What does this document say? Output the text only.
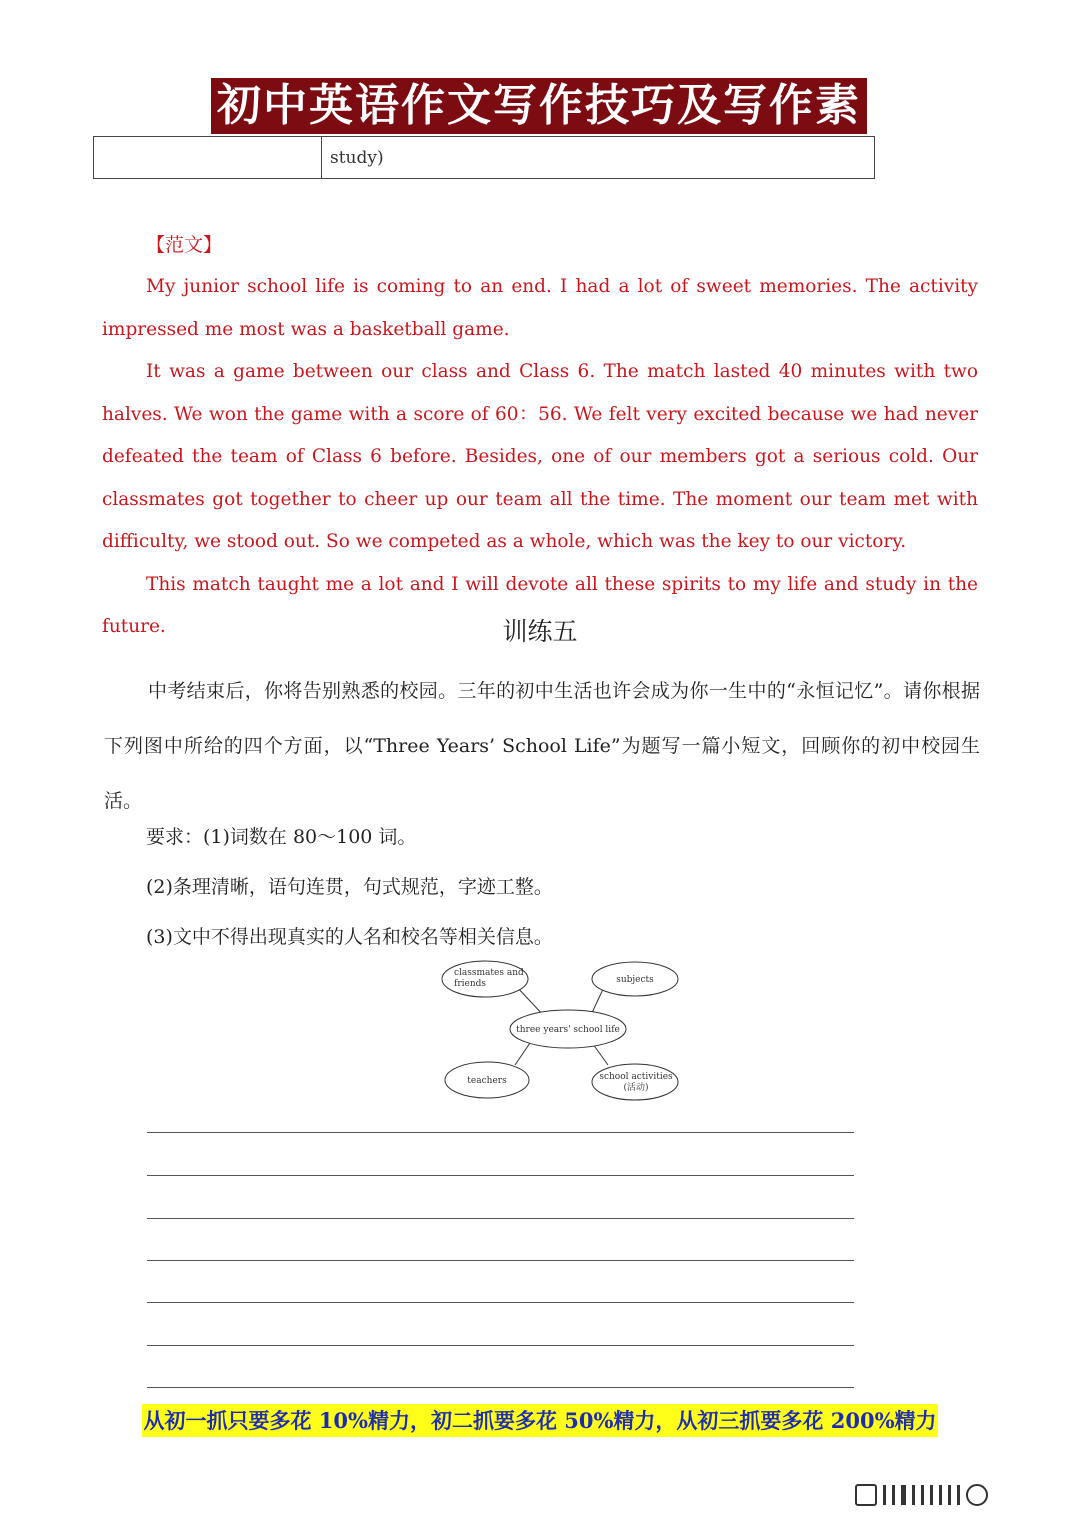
初中英语作文写作技巧及写作素材
study)
【范文】

My junior school life is coming to an end. I had a lot of sweet memories. The activity impressed me most was a basketball game.

It was a game between our class and Class 6. The match lasted 40 minutes with two halves. We won the game with a score of 60：56. We felt very excited because we had never defeated the team of Class 6 before. Besides, one of our members got a serious cold. Our classmates got together to cheer up our team all the time. The moment our team met with difficulty, we stood out. So we competed as a whole, which was the key to our victory.

This match taught me a lot and I will devote all these spirits to my life and study in the future.	训练五

中考结束后，你将告别熟悉的校园。三年的初中生活也许会成为你一生中的“永恒记忆”。请你根据下列图中所给的四个方面，以“Three Years’ School Life”为题写一篇小短文，回顾你的初中校园生活。

要求：(1)词数在 80～100 词。
(2)条理清晰，语句连贯，句式规范，字迹工整。
(3)文中不得出现真实的人名和校名等相关信息。
classmates and
friends	subjects
three years' school life
teachers	school activities
(活动)
从初一抓只要多花 10%精力，初二抓要多花 50%精力，从初三抓要多花 200%精力
